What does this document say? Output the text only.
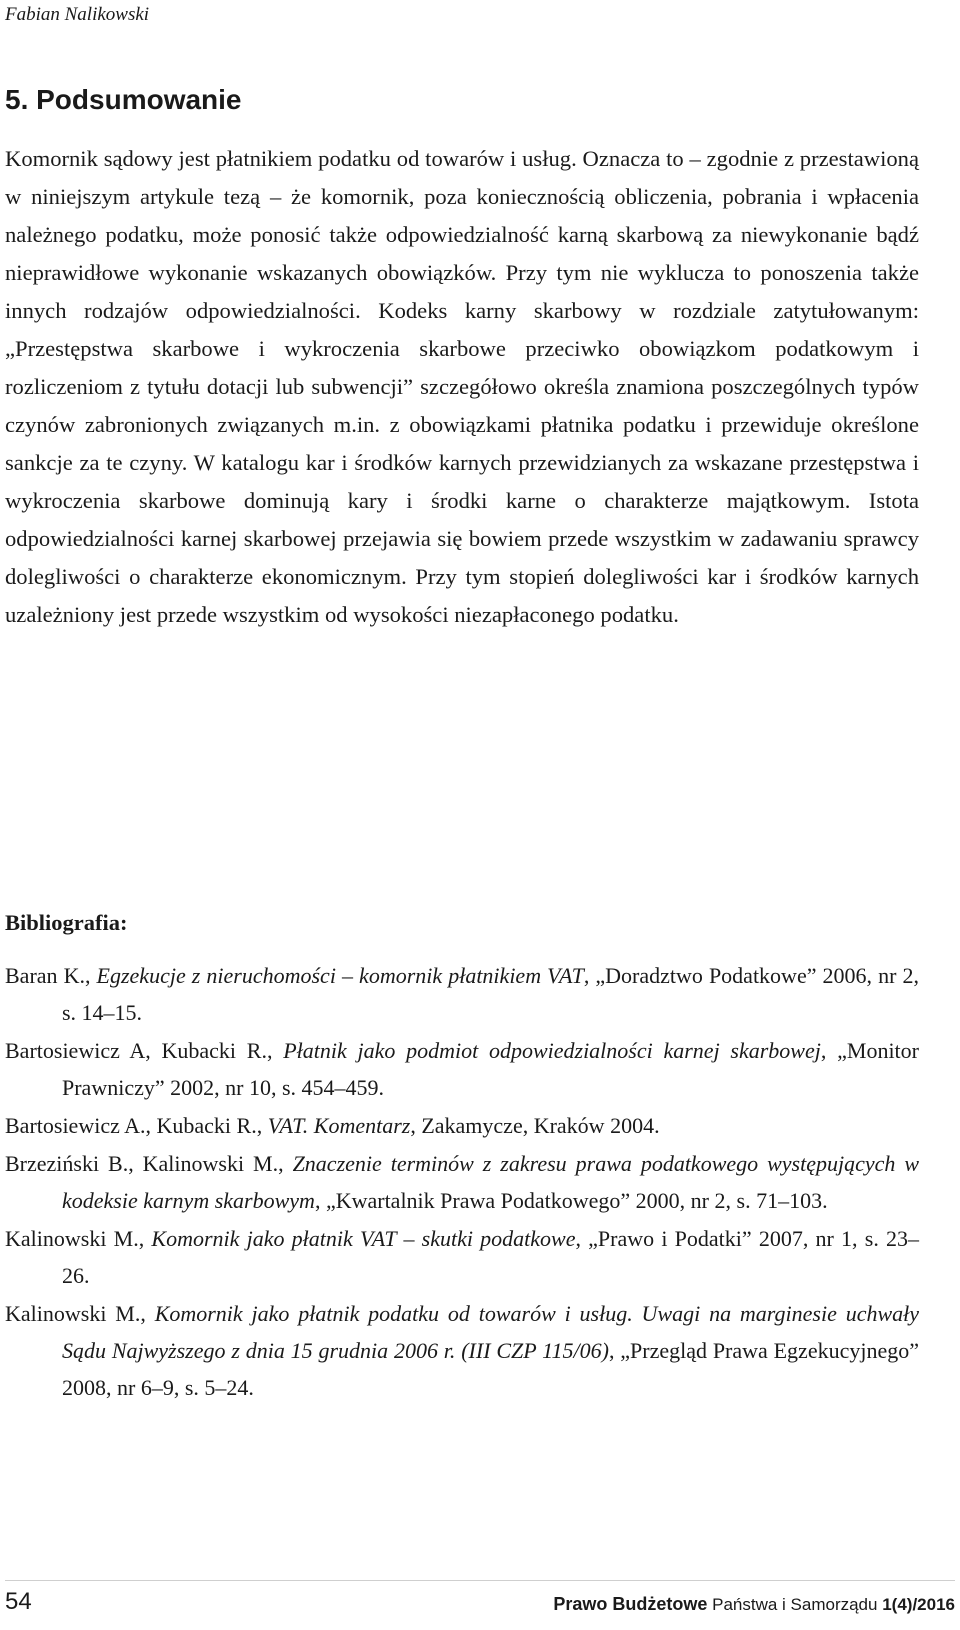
Fabian Nalikowski
5. Podsumowanie

Komornik sądowy jest płatnikiem podatku od towarów i usług. Oznacza to – zgodnie z przestawioną w niniejszym artykule tezą – że komornik, poza koniecznością obliczenia, pobrania i wpłacenia należnego podatku, może ponosić także odpowiedzialność karną skarbową za niewykonanie bądź nieprawidłowe wykonanie wskazanych obowiązków. Przy tym nie wyklucza to ponoszenia także innych rodzajów odpowiedzialności. Kodeks karny skarbowy w rozdziale zatytułowanym: „Przestępstwa skarbowe i wykroczenia skarbowe przeciwko obowiązkom podatkowym i rozliczeniom z tytułu dotacji lub subwencji” szczegółowo określa znamiona poszczególnych typów czynów zabronionych związanych m.in. z obowiązkami płatnika podatku i przewiduje określone sankcje za te czyny. W katalogu kar i środków karnych przewidzianych za wskazane przestępstwa i wykroczenia skarbowe dominują kary i środki karne o charakterze majątkowym. Istota odpowiedzialności karnej skarbowej przejawia się bowiem przede wszystkim w zadawaniu sprawcy dolegliwości o charakterze ekonomicznym. Przy tym stopień dolegliwości kar i środków karnych uzależniony jest przede wszystkim od wysokości niezapłaconego podatku.

Bibliografia:
Baran K., Egzekucje z nieruchomości – komornik płatnikiem VAT, „Doradztwo Podatkowe” 2006, nr 2, s. 14–15.
Bartosiewicz A, Kubacki R., Płatnik jako podmiot odpowiedzialności karnej skarbowej, „Monitor Prawniczy” 2002, nr 10, s. 454–459.
Bartosiewicz A., Kubacki R., VAT. Komentarz, Zakamycze, Kraków 2004.
Brzeziński B., Kalinowski M., Znaczenie terminów z zakresu prawa podatkowego występujących w kodeksie karnym skarbowym, „Kwartalnik Prawa Podatkowego” 2000, nr 2, s. 71–103.
Kalinowski M., Komornik jako płatnik VAT – skutki podatkowe, „Prawo i Podatki” 2007, nr 1, s. 23–26.
Kalinowski M., Komornik jako płatnik podatku od towarów i usług. Uwagi na marginesie uchwały Sądu Najwyższego z dnia 15 grudnia 2006 r. (III CZP 115/06), „Przegląd Prawa Egzekucyjnego” 2008, nr 6–9, s. 5–24.
54	Prawo Budżetowe Państwa i Samorządu 1(4)/2016
